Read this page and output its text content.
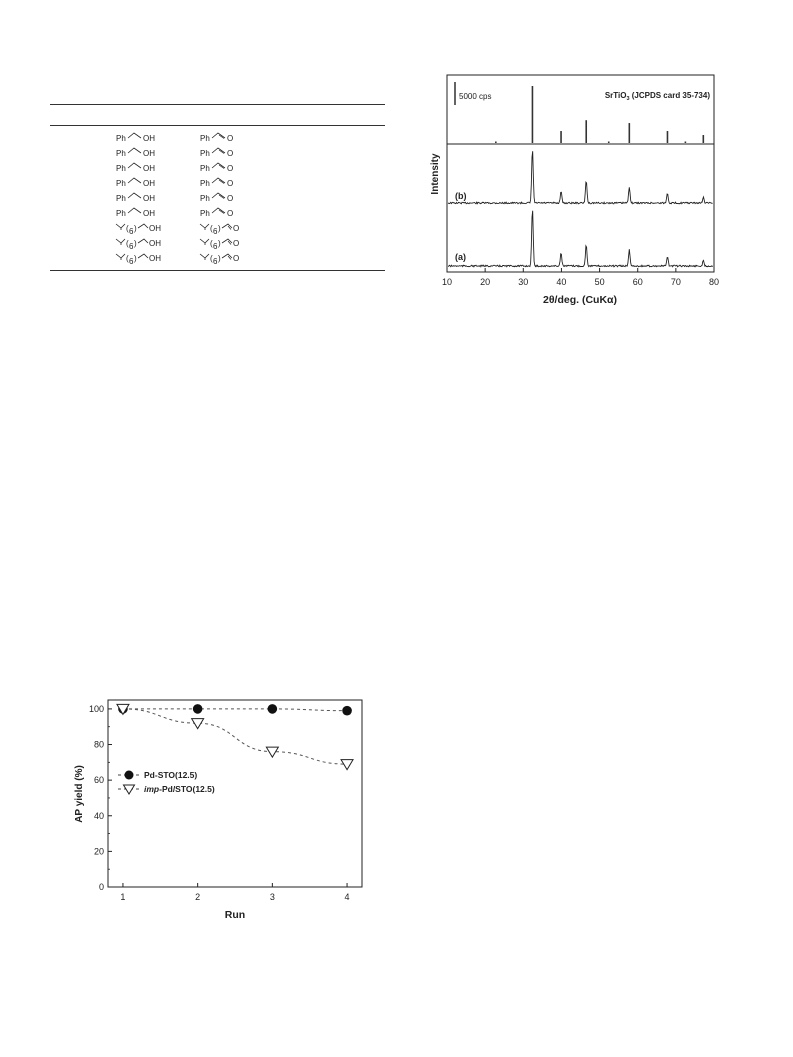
Ph OH	Ph O
Ph OH	Ph O
Ph OH	Ph O
Ph OH	Ph O
Ph OH	Ph O
Ph OH	Ph O
( 6 ) OH	( 6 ) O
( 6 ) OH	( 6 ) O
( 6 ) OH	( 6 ) O
10	20	30	40	50	60	70	80
5000 cps	SrTiO$_3$ (JCPDS card 35-734)
(b)
(a)
Intensity
2θ/deg. (CuKα)
0
20
40
60
80
100
1	2	3	4
Pd-STO(12.5)
imp-Pd/STO(12.5)
AP yield (%)
Run
